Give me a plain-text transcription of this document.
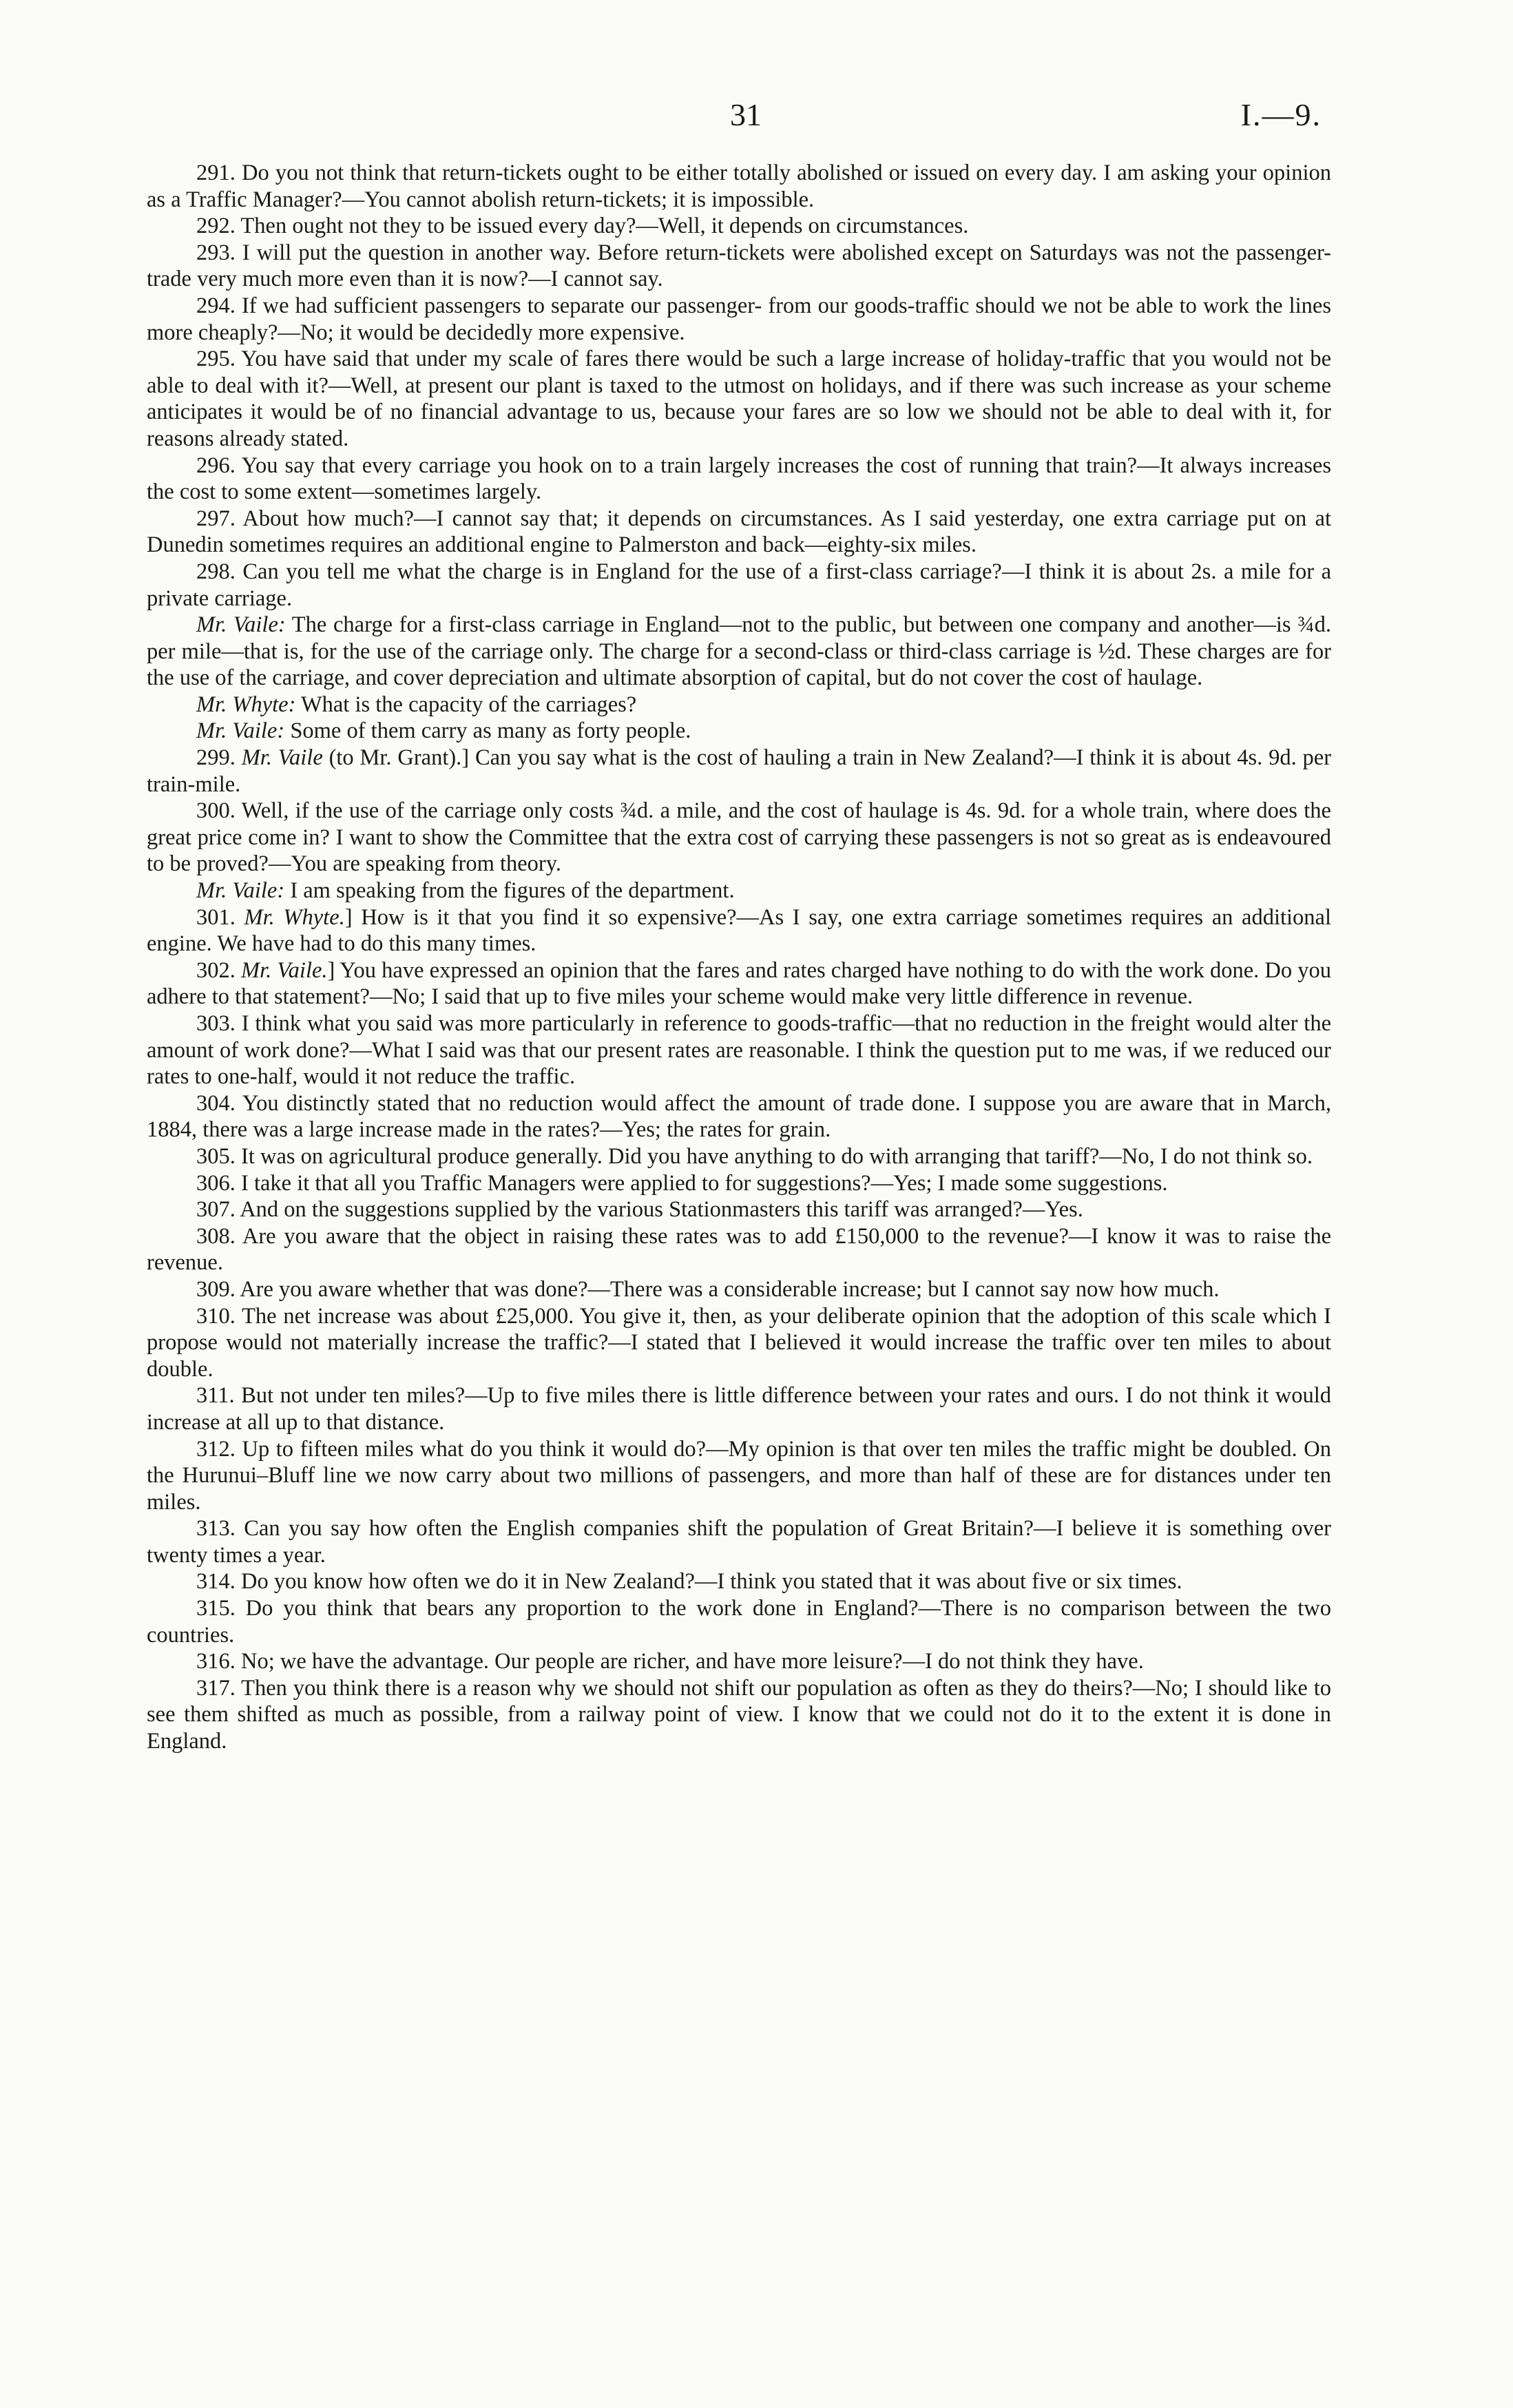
31	I.—9.

291. Do you not think that return-tickets ought to be either totally abolished or issued on every day. I am asking your opinion as a Traffic Manager?—You cannot abolish return-tickets; it is impossible.

292. Then ought not they to be issued every day?—Well, it depends on circumstances.

293. I will put the question in another way. Before return-tickets were abolished except on Saturdays was not the passenger-trade very much more even than it is now?—I cannot say.

294. If we had sufficient passengers to separate our passenger- from our goods-traffic should we not be able to work the lines more cheaply?—No; it would be decidedly more expensive.

295. You have said that under my scale of fares there would be such a large increase of holiday-traffic that you would not be able to deal with it?—Well, at present our plant is taxed to the utmost on holidays, and if there was such increase as your scheme anticipates it would be of no financial advantage to us, because your fares are so low we should not be able to deal with it, for reasons already stated.

296. You say that every carriage you hook on to a train largely increases the cost of running that train?—It always increases the cost to some extent—sometimes largely.

297. About how much?—I cannot say that; it depends on circumstances. As I said yesterday, one extra carriage put on at Dunedin sometimes requires an additional engine to Palmerston and back—eighty-six miles.

298. Can you tell me what the charge is in England for the use of a first-class carriage?—I think it is about 2s. a mile for a private carriage.

Mr. Vaile: The charge for a first-class carriage in England—not to the public, but between one company and another—is ¾d. per mile—that is, for the use of the carriage only. The charge for a second-class or third-class carriage is ½d. These charges are for the use of the carriage, and cover depreciation and ultimate absorption of capital, but do not cover the cost of haulage.

Mr. Whyte: What is the capacity of the carriages?

Mr. Vaile: Some of them carry as many as forty people.

299. Mr. Vaile (to Mr. Grant).] Can you say what is the cost of hauling a train in New Zealand?—I think it is about 4s. 9d. per train-mile.

300. Well, if the use of the carriage only costs ¾d. a mile, and the cost of haulage is 4s. 9d. for a whole train, where does the great price come in? I want to show the Committee that the extra cost of carrying these passengers is not so great as is endeavoured to be proved?—You are speaking from theory.

Mr. Vaile: I am speaking from the figures of the department.

301. Mr. Whyte.] How is it that you find it so expensive?—As I say, one extra carriage sometimes requires an additional engine. We have had to do this many times.

302. Mr. Vaile.] You have expressed an opinion that the fares and rates charged have nothing to do with the work done. Do you adhere to that statement?—No; I said that up to five miles your scheme would make very little difference in revenue.

303. I think what you said was more particularly in reference to goods-traffic—that no reduction in the freight would alter the amount of work done?—What I said was that our present rates are reasonable. I think the question put to me was, if we reduced our rates to one-half, would it not reduce the traffic.

304. You distinctly stated that no reduction would affect the amount of trade done. I suppose you are aware that in March, 1884, there was a large increase made in the rates?—Yes; the rates for grain.

305. It was on agricultural produce generally. Did you have anything to do with arranging that tariff?—No, I do not think so.

306. I take it that all you Traffic Managers were applied to for suggestions?—Yes; I made some suggestions.

307. And on the suggestions supplied by the various Stationmasters this tariff was arranged?—Yes.

308. Are you aware that the object in raising these rates was to add £150,000 to the revenue?—I know it was to raise the revenue.

309. Are you aware whether that was done?—There was a considerable increase; but I cannot say now how much.

310. The net increase was about £25,000. You give it, then, as your deliberate opinion that the adoption of this scale which I propose would not materially increase the traffic?—I stated that I believed it would increase the traffic over ten miles to about double.

311. But not under ten miles?—Up to five miles there is little difference between your rates and ours. I do not think it would increase at all up to that distance.

312. Up to fifteen miles what do you think it would do?—My opinion is that over ten miles the traffic might be doubled. On the Hurunui–Bluff line we now carry about two millions of passengers, and more than half of these are for distances under ten miles.

313. Can you say how often the English companies shift the population of Great Britain?—I believe it is something over twenty times a year.

314. Do you know how often we do it in New Zealand?—I think you stated that it was about five or six times.

315. Do you think that bears any proportion to the work done in England?—There is no comparison between the two countries.

316. No; we have the advantage. Our people are richer, and have more leisure?—I do not think they have.

317. Then you think there is a reason why we should not shift our population as often as they do theirs?—No; I should like to see them shifted as much as possible, from a railway point of view. I know that we could not do it to the extent it is done in England.
